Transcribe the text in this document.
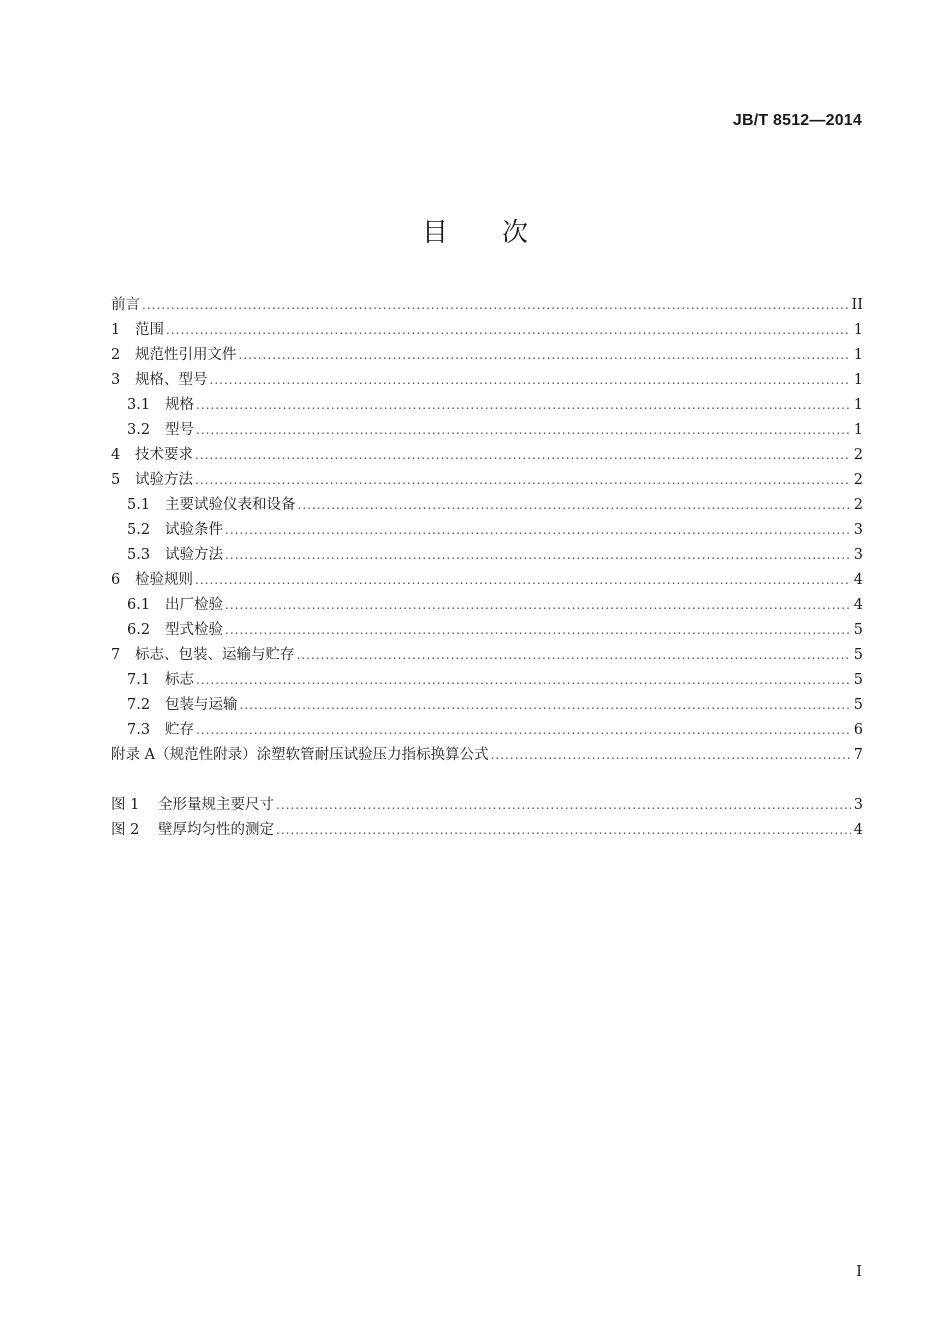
JB/T 8512—2014
目次
前言 .....	II
1	范围 .....	1
2	规范性引用文件 .....	1
3	规格、型号 .....	1
3.1	规格 .....	1
3.2	型号 .....	1
4	技术要求 .....	2
5	试验方法 .....	2
5.1	主要试验仪表和设备 .....	2
5.2	试验条件 .....	3
5.3	试验方法 .....	3
6	检验规则 .....	4
6.1	出厂检验 .....	4
6.2	型式检验 .....	5
7	标志、包装、运输与贮存 .....	5
7.1	标志 .....	5
7.2	包装与运输 .....	5
7.3	贮存 .....	6
附录 A（规范性附录）涂塑软管耐压试验压力指标换算公式 .....	7
图 1	全形量规主要尺寸 .....	3
图 2	壁厚均匀性的测定 .....	4
I
